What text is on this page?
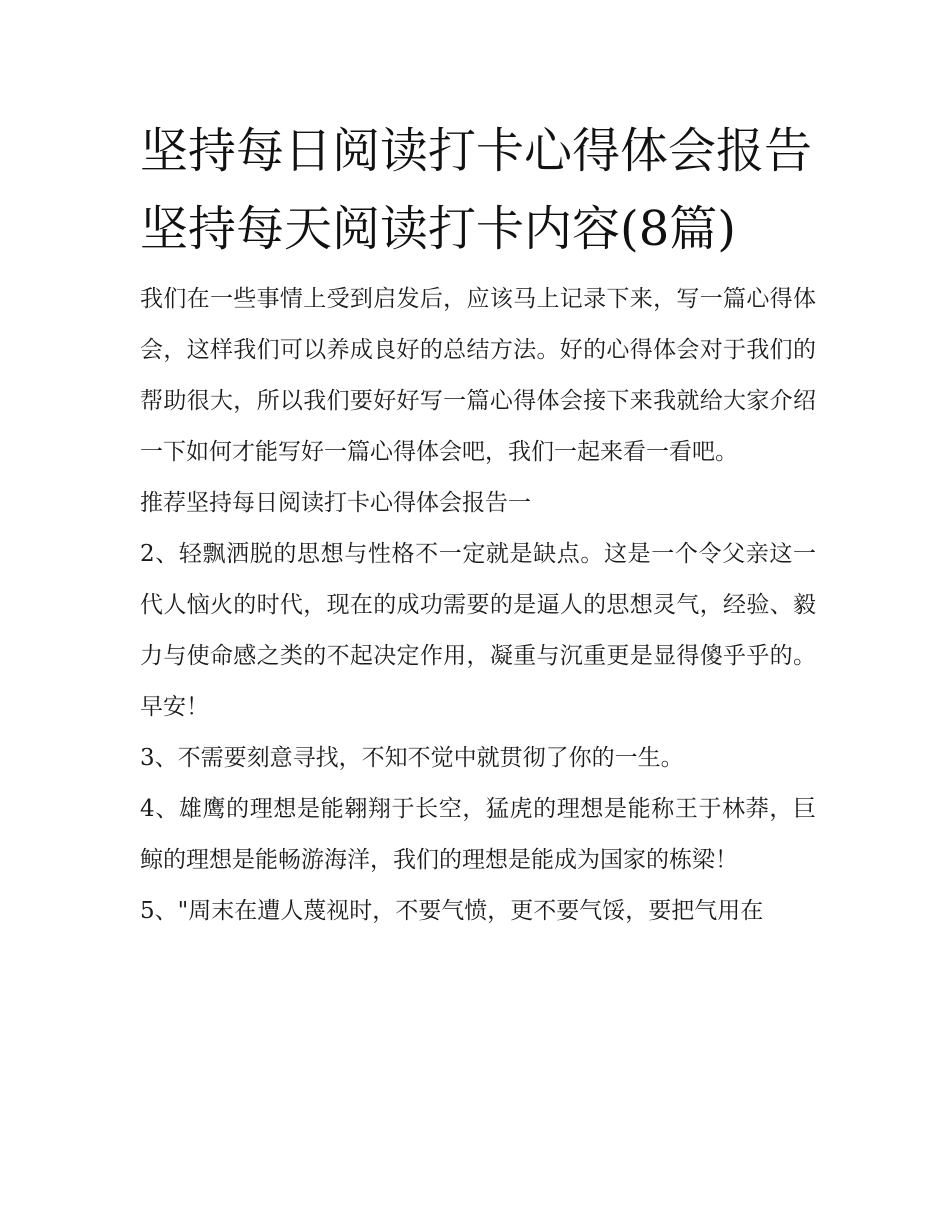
坚持每日阅读打卡心得体会报告 坚持每天阅读打卡内容(8篇)

我们在一些事情上受到启发后，应该马上记录下来，写一篇心得体会，这样我们可以养成良好的总结方法。好的心得体会对于我们的帮助很大，所以我们要好好写一篇心得体会接下来我就给大家介绍一下如何才能写好一篇心得体会吧，我们一起来看一看吧。

推荐坚持每日阅读打卡心得体会报告一

2、轻飘洒脱的思想与性格不一定就是缺点。这是一个令父亲这一代人恼火的时代，现在的成功需要的是逼人的思想灵气，经验、毅力与使命感之类的不起决定作用，凝重与沉重更是显得傻乎乎的。早安！

3、不需要刻意寻找，不知不觉中就贯彻了你的一生。

4、雄鹰的理想是能翱翔于长空，猛虎的理想是能称王于林莽，巨鲸的理想是能畅游海洋，我们的理想是能成为国家的栋梁！

5、"周末在遭人蔑视时，不要气愤，更不要气馁，要把气用在
